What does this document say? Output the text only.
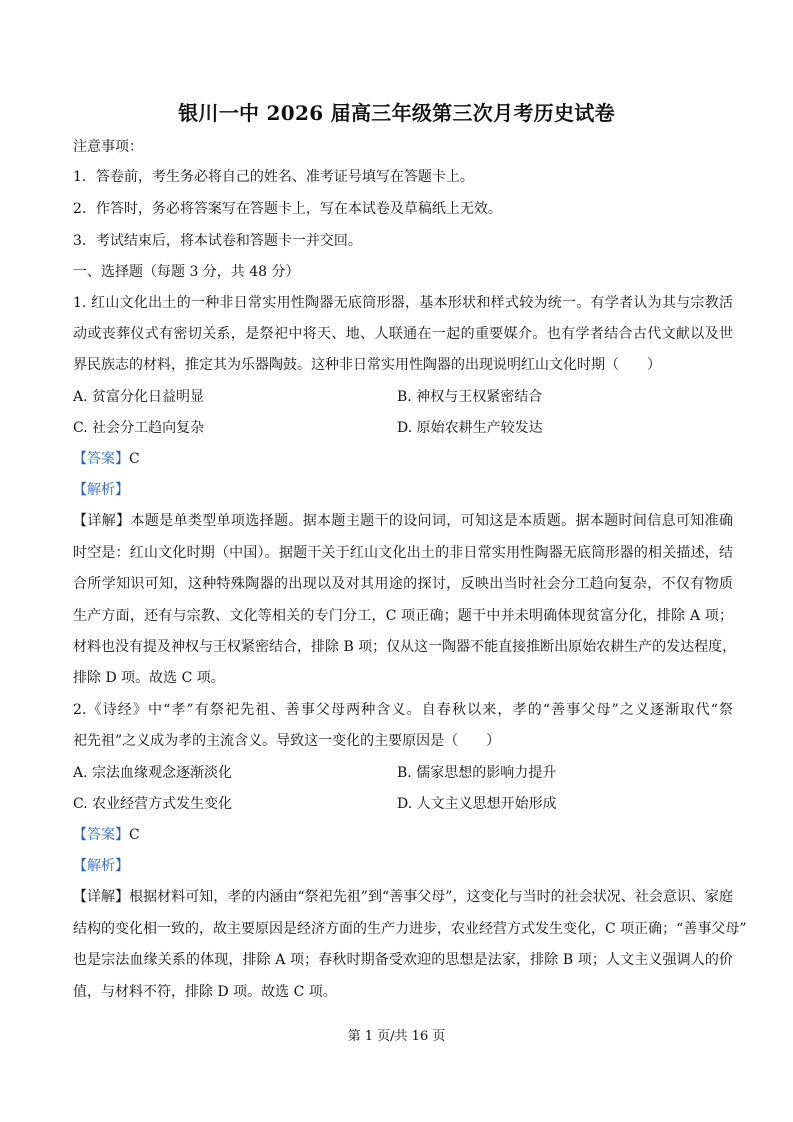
银川一中 2026 届高三年级第三次月考历史试卷
注意事项：
1．答卷前，考生务必将自己的姓名、准考证号填写在答题卡上。
2．作答时，务必将答案写在答题卡上，写在本试卷及草稿纸上无效。
3．考试结束后，将本试卷和答题卡一并交回。
一、选择题（每题 3 分，共 48 分）
1. 红山文化出土的一种非日常实用性陶器无底筒形器，基本形状和样式较为统一。有学者认为其与宗教活
动或丧葬仪式有密切关系，是祭祀中将天、地、人联通在一起的重要媒介。也有学者结合古代文献以及世
界民族志的材料，推定其为乐器陶鼓。这种非日常实用性陶器的出现说明红山文化时期（　　）
A. 贫富分化日益明显	B. 神权与王权紧密结合
C. 社会分工趋向复杂	D. 原始农耕生产较发达
【答案】C
【解析】
【详解】本题是单类型单项选择题。据本题主题干的设问词，可知这是本质题。据本题时间信息可知准确
时空是：红山文化时期（中国）。据题干关于红山文化出土的非日常实用性陶器无底筒形器的相关描述，结
合所学知识可知，这种特殊陶器的出现以及对其用途的探讨，反映出当时社会分工趋向复杂，不仅有物质
生产方面，还有与宗教、文化等相关的专门分工，C 项正确；题干中并未明确体现贫富分化，排除 A 项；
材料也没有提及神权与王权紧密结合，排除 B 项；仅从这一陶器不能直接推断出原始农耕生产的发达程度，
排除 D 项。故选 C 项。
2.《诗经》中“孝”有祭祀先祖、善事父母两种含义。自春秋以来，孝的“善事父母”之义逐渐取代“祭
祀先祖”之义成为孝的主流含义。导致这一变化的主要原因是（　　）
A. 宗法血缘观念逐渐淡化	B. 儒家思想的影响力提升
C. 农业经营方式发生变化	D. 人文主义思想开始形成
【答案】C
【解析】
【详解】根据材料可知，孝的内涵由“祭祀先祖”到“善事父母”，这变化与当时的社会状况、社会意识、家庭
结构的变化相一致的，故主要原因是经济方面的生产力进步，农业经营方式发生变化，C 项正确；“善事父母”
也是宗法血缘关系的体现，排除 A 项；春秋时期备受欢迎的思想是法家，排除 B 项；人文主义强调人的价
值，与材料不符，排除 D 项。故选 C 项。
第 1 页/共 16 页
